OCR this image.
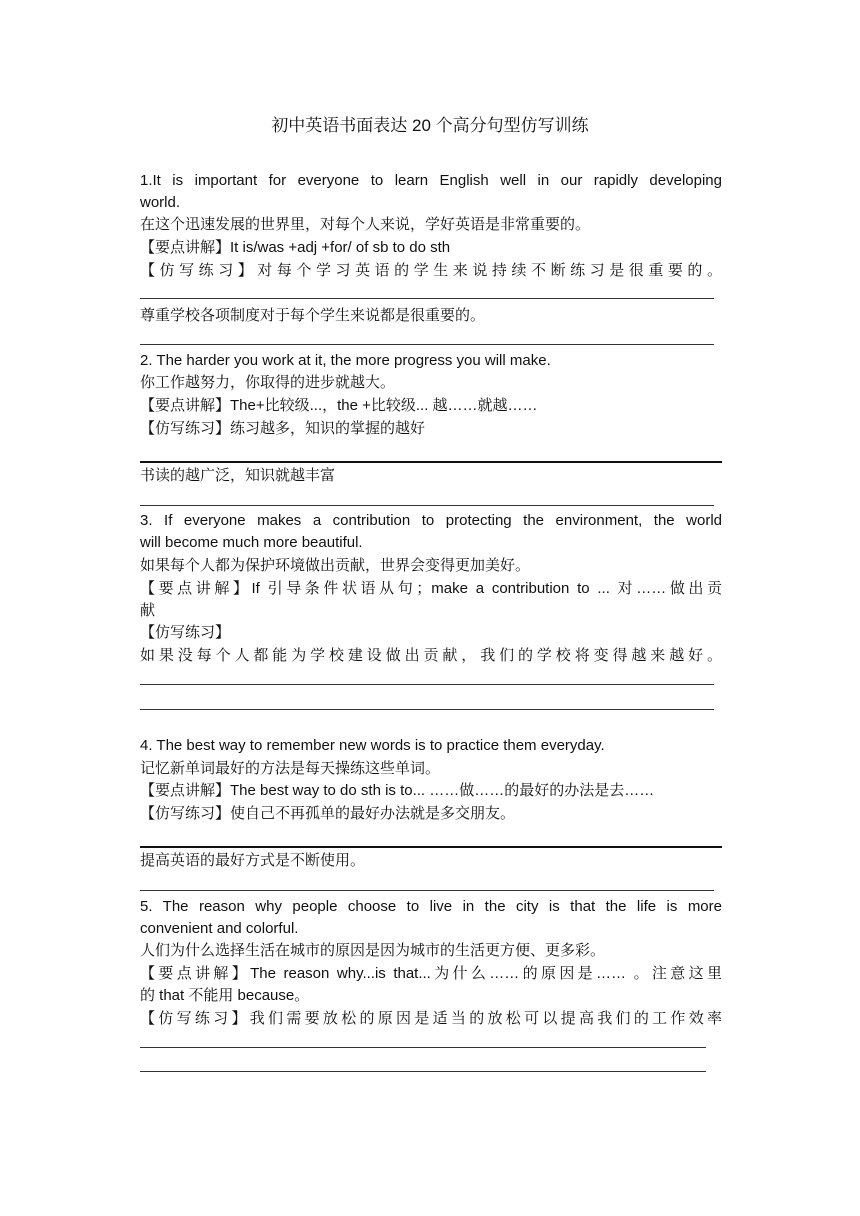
初中英语书面表达 20 个高分句型仿写训练
1.It is important for everyone to learn English well in our rapidly developing
world.
在这个迅速发展的世界里，对每个人来说，学好英语是非常重要的。
【要点讲解】It is/was +adj +for/ of sb to do sth
【仿写练习】对每个学习英语的学生来说持续不断练习是很重要的。
尊重学校各项制度对于每个学生来说都是很重要的。
2. The harder you work at it, the more progress you will make.
你工作越努力，你取得的进步就越大。
【要点讲解】The+比较级...，the +比较级... 越……就越……
【仿写练习】练习越多，知识的掌握的越好
书读的越广泛，知识就越丰富
3. If everyone makes a contribution to protecting the environment, the world
will become much more beautiful.
如果每个人都为保护环境做出贡献，世界会变得更加美好。
【要点讲解】If 引导条件状语从句；make a contribution to ... 对……做出贡
献
【仿写练习】
如果没每个人都能为学校建设做出贡献，我们的学校将变得越来越好。
4. The best way to remember new words is to practice them everyday.
记忆新单词最好的方法是每天操练这些单词。
【要点讲解】The best way to do sth is to... ……做……的最好的办法是去……
【仿写练习】使自己不再孤单的最好办法就是多交朋友。
提高英语的最好方式是不断使用。
5. The reason why people choose to live in the city is that the life is more
convenient and colorful.
人们为什么选择生活在城市的原因是因为城市的生活更方便、更多彩。
【要点讲解】The reason why...is that...为什么……的原因是…… 。注意这里
的 that 不能用 because。
【仿写练习】我们需要放松的原因是适当的放松可以提高我们的工作效率
